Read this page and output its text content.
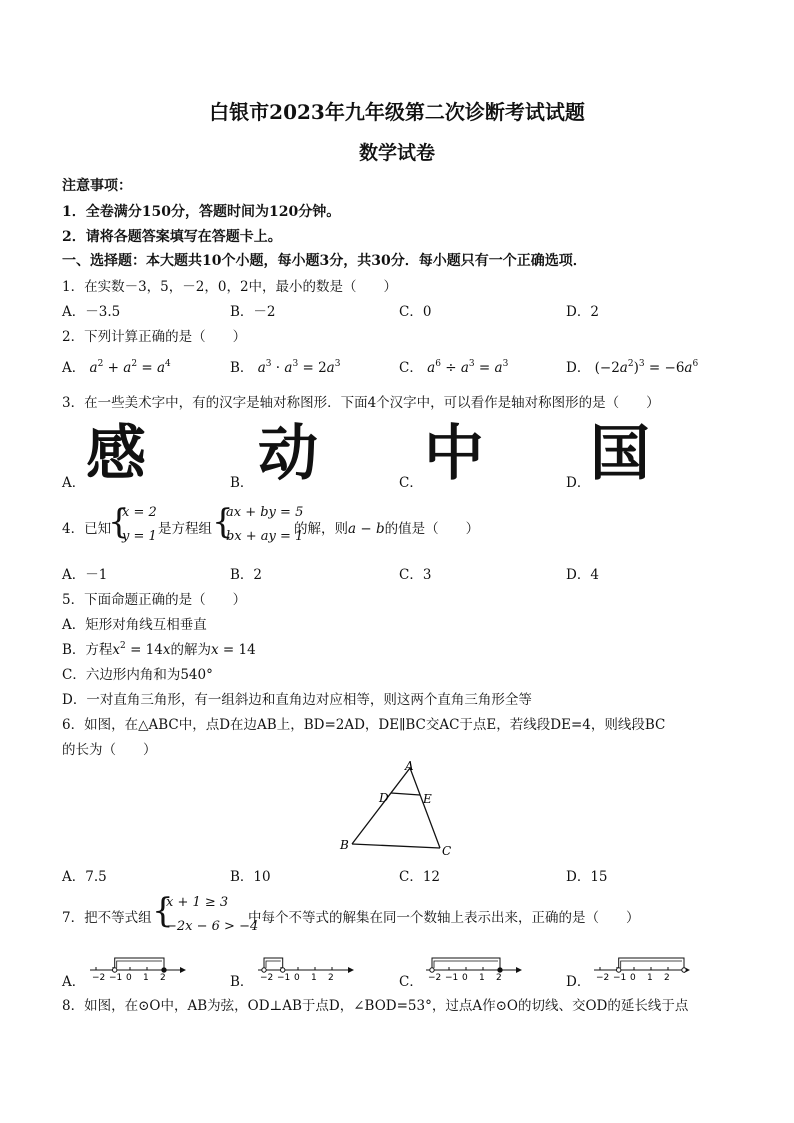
白银市2023年九年级第二次诊断考试试题
数学试卷
注意事项：
1．全卷满分150分，答题时间为120分钟。
2．请将各题答案填写在答题卡上。
一、选择题：本大题共10个小题，每小题3分，共30分．每小题只有一个正确选项．
1．在实数－3，5，－2，0，2中，最小的数是（　　）
A．－3.5	B．－2	C．0	D．2
2．下列计算正确的是（　　）
A． $a^2 + a^2 = a^4$	B． $a^3 \cdot a^3 = 2a^3$	C． $a^6 \div a^3 = a^3$	D． $(-2a^2)^3 = -6a^6$
3．在一些美术字中，有的汉字是轴对称图形．下面4个汉字中，可以看作是轴对称图形的是（　　）
感 动 中 国
A．	B．	C．	D．
4．已知
{
x = 2
y = 1 是方程组 {
ax + by = 5
bx + ay = 1
的解，则a − b的值是（　　）
A．－1	B．2	C．3	D．4
5．下面命题正确的是（　　）
A．矩形对角线互相垂直
B．方程$x^2 = 14x$的解为x = 14
C．六边形内角和为540°
D．一对直角三角形，有一组斜边和直角边对应相等，则这两个直角三角形全等
6．如图，在△ABC中，点D在边AB上，BD=2AD，DE∥BC交AC于点E，若线段DE=4，则线段BC
的长为（　　）
A
D	E
B	C
A．7.5	B．10	C．12	D．15
7．把不等式组 {
x + 1 ≥ 3
−2x − 6 > −4
中每个不等式的解集在同一个数轴上表示出来，正确的是（　　）
A．	B．	C．	D．
−2 −1 0 1 2	−2 −1 0 1 2	−2 −1 0 1 2	−2 −1 0 1 2
8．如图，在⊙O中，AB为弦，OD⊥AB于点D，∠BOD=53°，过点A作⊙O的切线、交OD的延长线于点
